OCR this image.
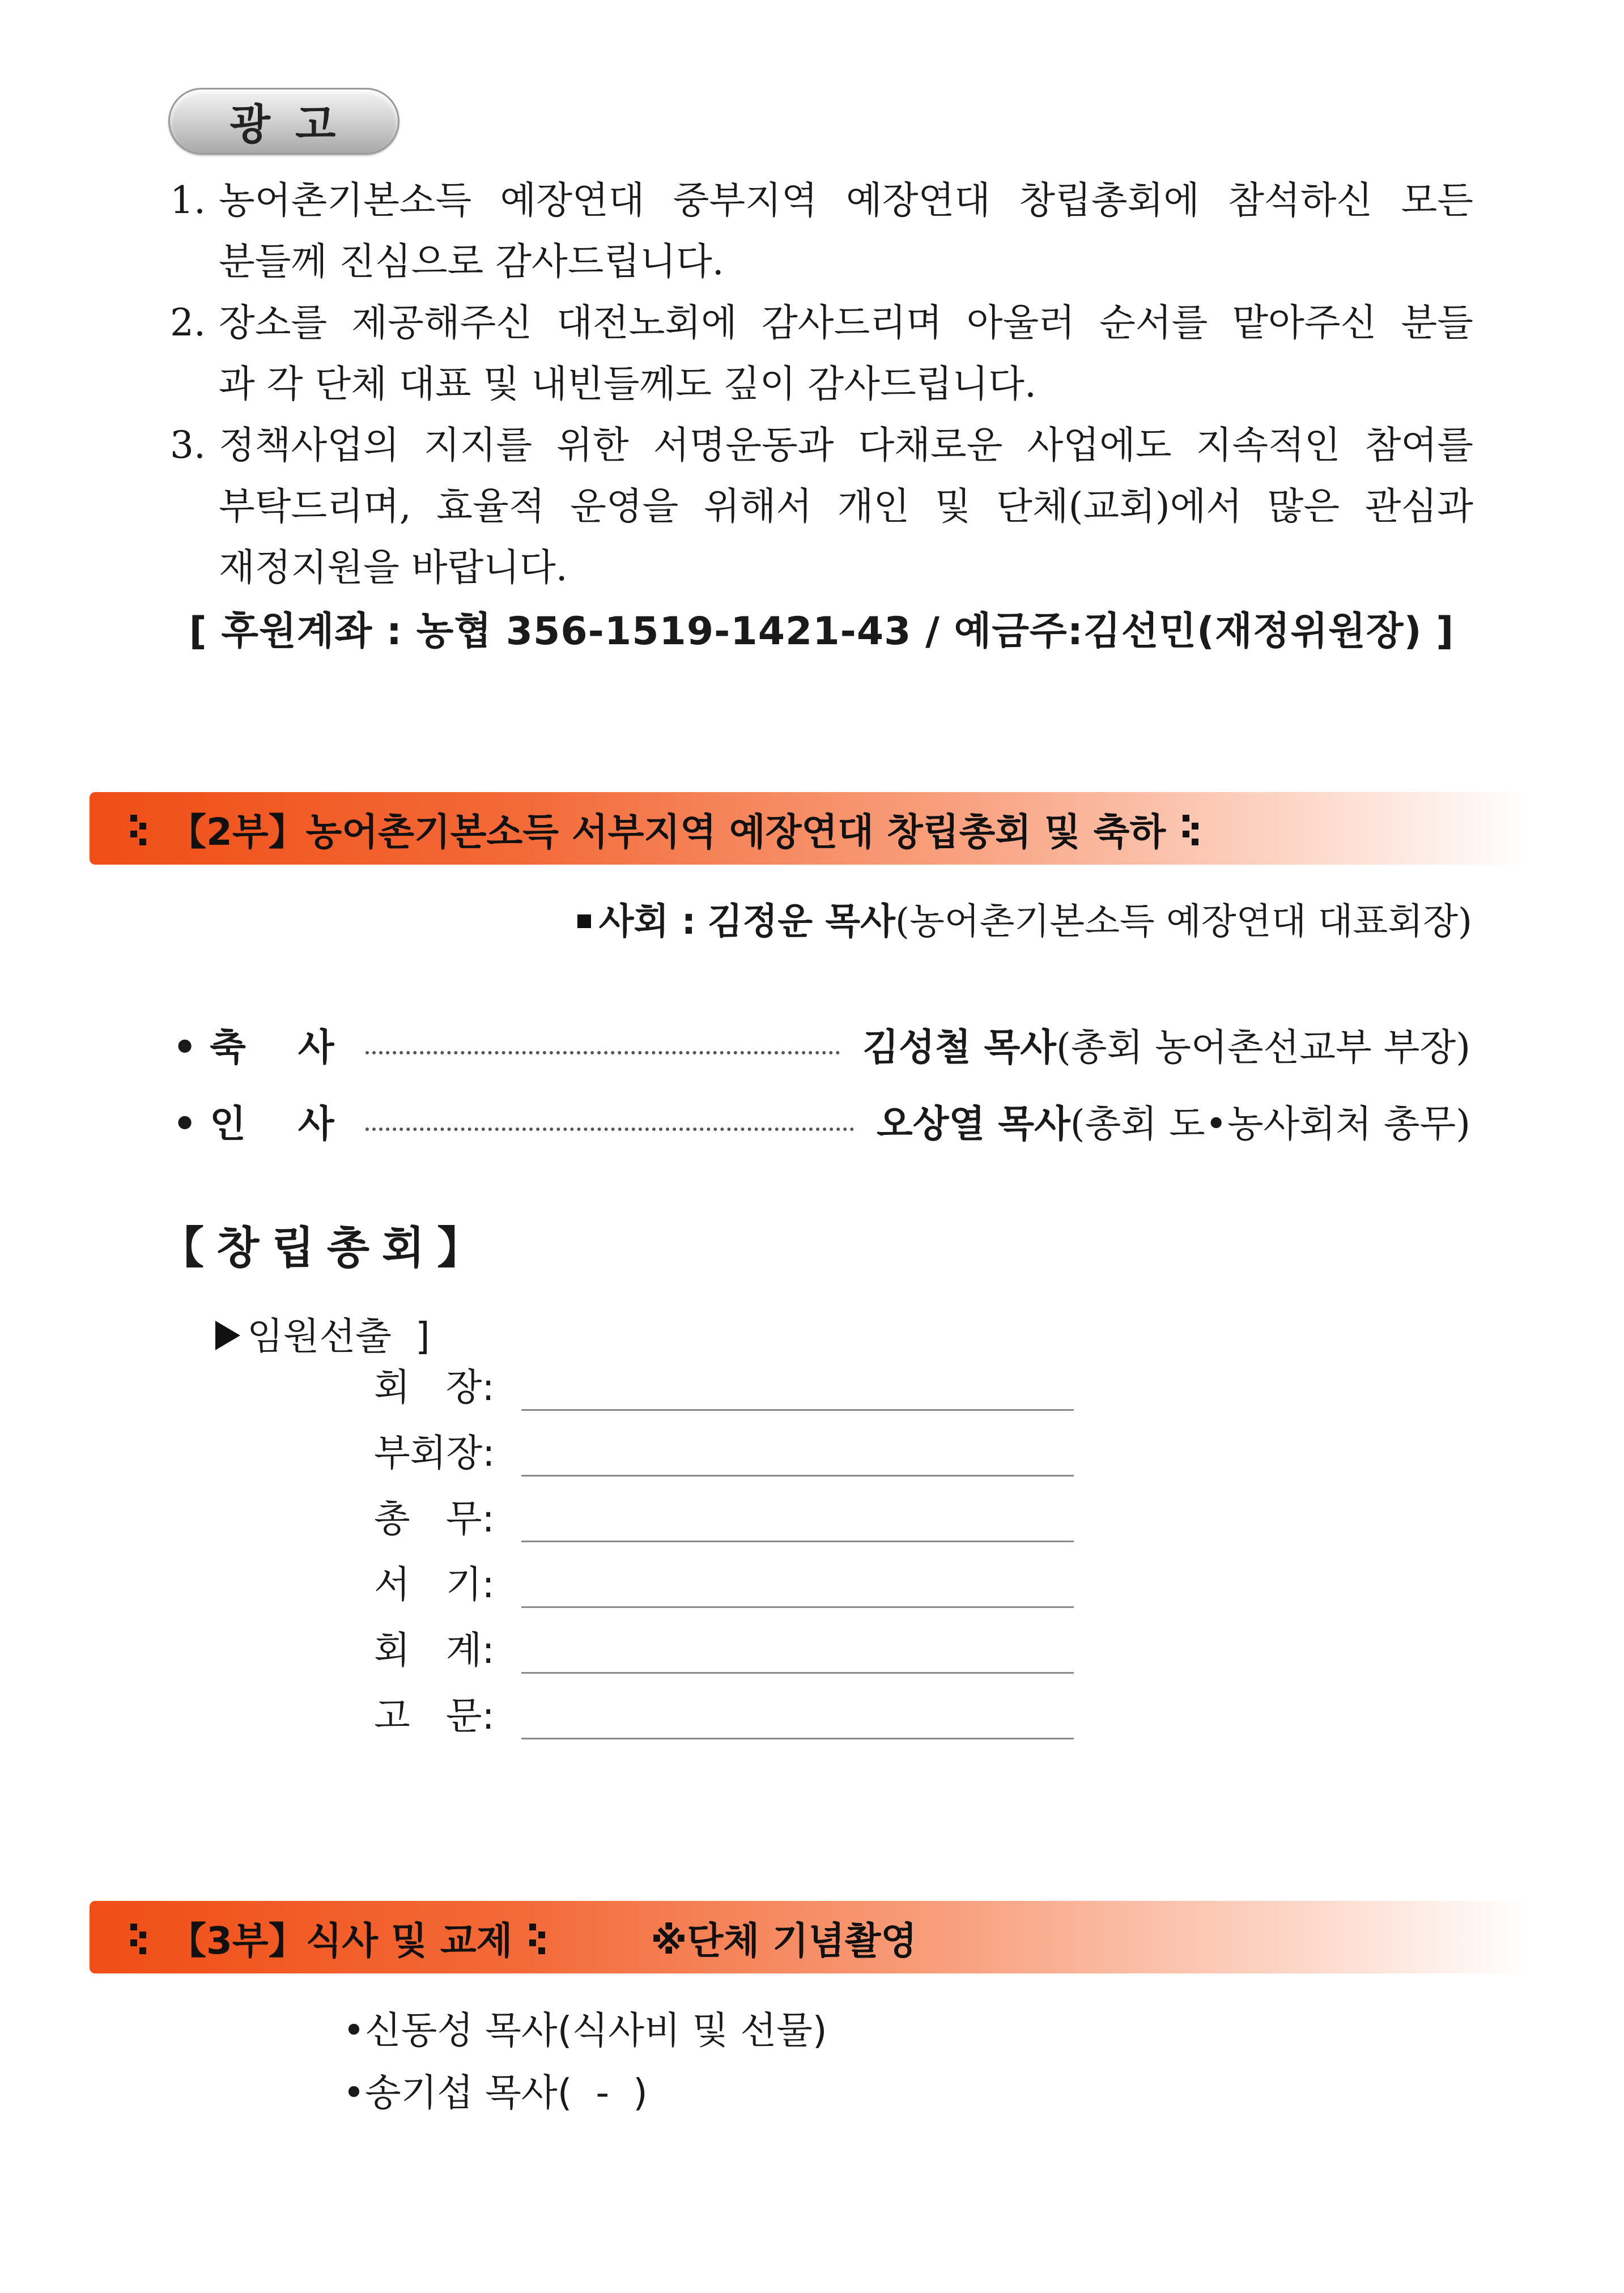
광고
1. 농어촌기본소득 예장연대 중부지역 예장연대 창립총회에 참석하신 모든
분들께 진심으로 감사드립니다.
2. 장소를 제공해주신 대전노회에 감사드리며 아울러 순서를 맡아주신 분들
과 각 단체 대표 및 내빈들께도 깊이 감사드립니다.
3. 정책사업의 지지를 위한 서명운동과 다채로운 사업에도 지속적인 참여를
부탁드리며, 효율적 운영을 위해서 개인 및 단체(교회)에서 많은 관심과
재정지원을 바랍니다.
[ 후원계좌 : 농협 356-1519-1421-43 / 예금주:김선민(재정위원장) ]
【2부】농어촌기본소득 서부지역 예장연대 창립총회 및 축하
사회 : 김정운 목사(농어촌기본소득 예장연대 대표회장)
• 축    사	김성철 목사(총회 농어촌선교부 부장)
• 인    사	오상열 목사(총회 도•농사회처 총무)
【창립총회】
임원선출  ]
회   장:
부회장:
총   무:
서   기:
회   계:
고   문:
【3부】식사 및 교제	※단체 기념촬영
•신동성 목사(식사비 및 선물)
•송기섭 목사(  -  )
